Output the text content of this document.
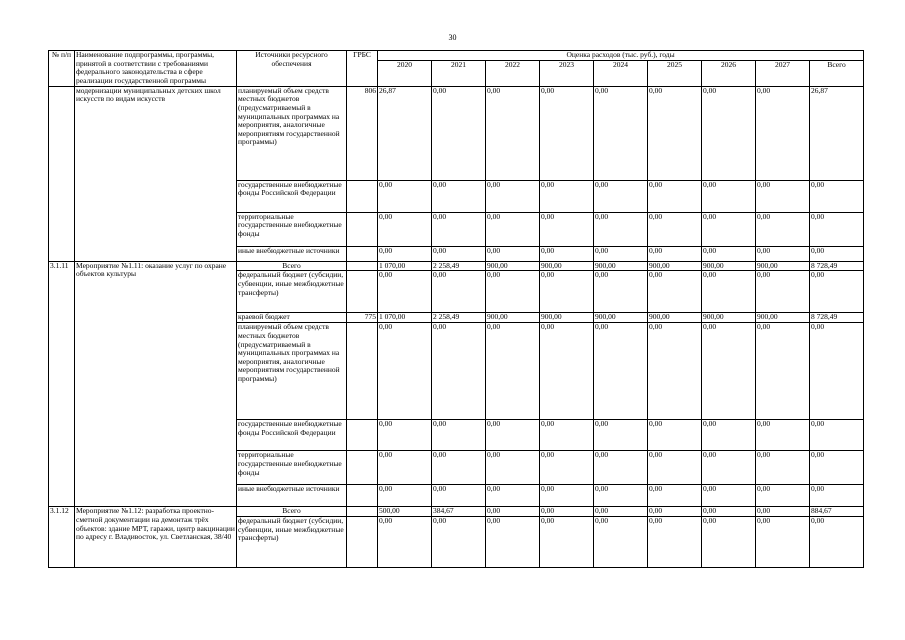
30
№ п/п	Наименование подпрограммы, программы, принятой в соответствии с требованиями федерального законодательства в сфере реализации государственной программы	Источники ресурсного обеспечения	ГРБС	Оценка расходов (тыс. руб.), годы								
				2020	2021	2022	2023	2024	2025	2026	2027	Всего
	модернизации муниципальных детских школ искусств по видам искусств	планируемый объем средств местных бюджетов (предусматриваемый в муниципальных программах на мероприятия, аналогичные мероприятиям государственной программы)	806	26,87	0,00	0,00	0,00	0,00	0,00	0,00	0,00	26,87
		государственные внебюджетные фонды Российской Федерации		0,00	0,00	0,00	0,00	0,00	0,00	0,00	0,00	0,00
		территориальные государственные внебюджетные фонды		0,00	0,00	0,00	0,00	0,00	0,00	0,00	0,00	0,00
		иные внебюджетные источники		0,00	0,00	0,00	0,00	0,00	0,00	0,00	0,00	0,00
3.1.11	Мероприятие №1.11: оказание услуг по охране объектов культуры	Всего		1 070,00	2 258,49	900,00	900,00	900,00	900,00	900,00	900,00	8 728,49
		федеральный бюджет (субсидии, субвенции, иные межбюджетные трансферты)		0,00	0,00	0,00	0,00	0,00	0,00	0,00	0,00	0,00
		краевой бюджет	775	1 070,00	2 258,49	900,00	900,00	900,00	900,00	900,00	900,00	8 728,49
		планируемый объем средств местных бюджетов (предусматриваемый в муниципальных программах на мероприятия, аналогичные мероприятиям государственной программы)		0,00	0,00	0,00	0,00	0,00	0,00	0,00	0,00	0,00
		государственные внебюджетные фонды Российской Федерации		0,00	0,00	0,00	0,00	0,00	0,00	0,00	0,00	0,00
		территориальные государственные внебюджетные фонды		0,00	0,00	0,00	0,00	0,00	0,00	0,00	0,00	0,00
		иные внебюджетные источники		0,00	0,00	0,00	0,00	0,00	0,00	0,00	0,00	0,00
3.1.12	Мероприятие №1.12: разработка проектно-сметной документации на демонтаж трёх объектов: здание МРТ, гаражи, центр вакцинации по адресу г. Владивосток, ул. Светланская, 38/40	Всего		500,00	384,67	0,00	0,00	0,00	0,00	0,00	0,00	884,67
		федеральный бюджет (субсидии, субвенции, иные межбюджетные трансферты)		0,00	0,00	0,00	0,00	0,00	0,00	0,00	0,00	0,00
